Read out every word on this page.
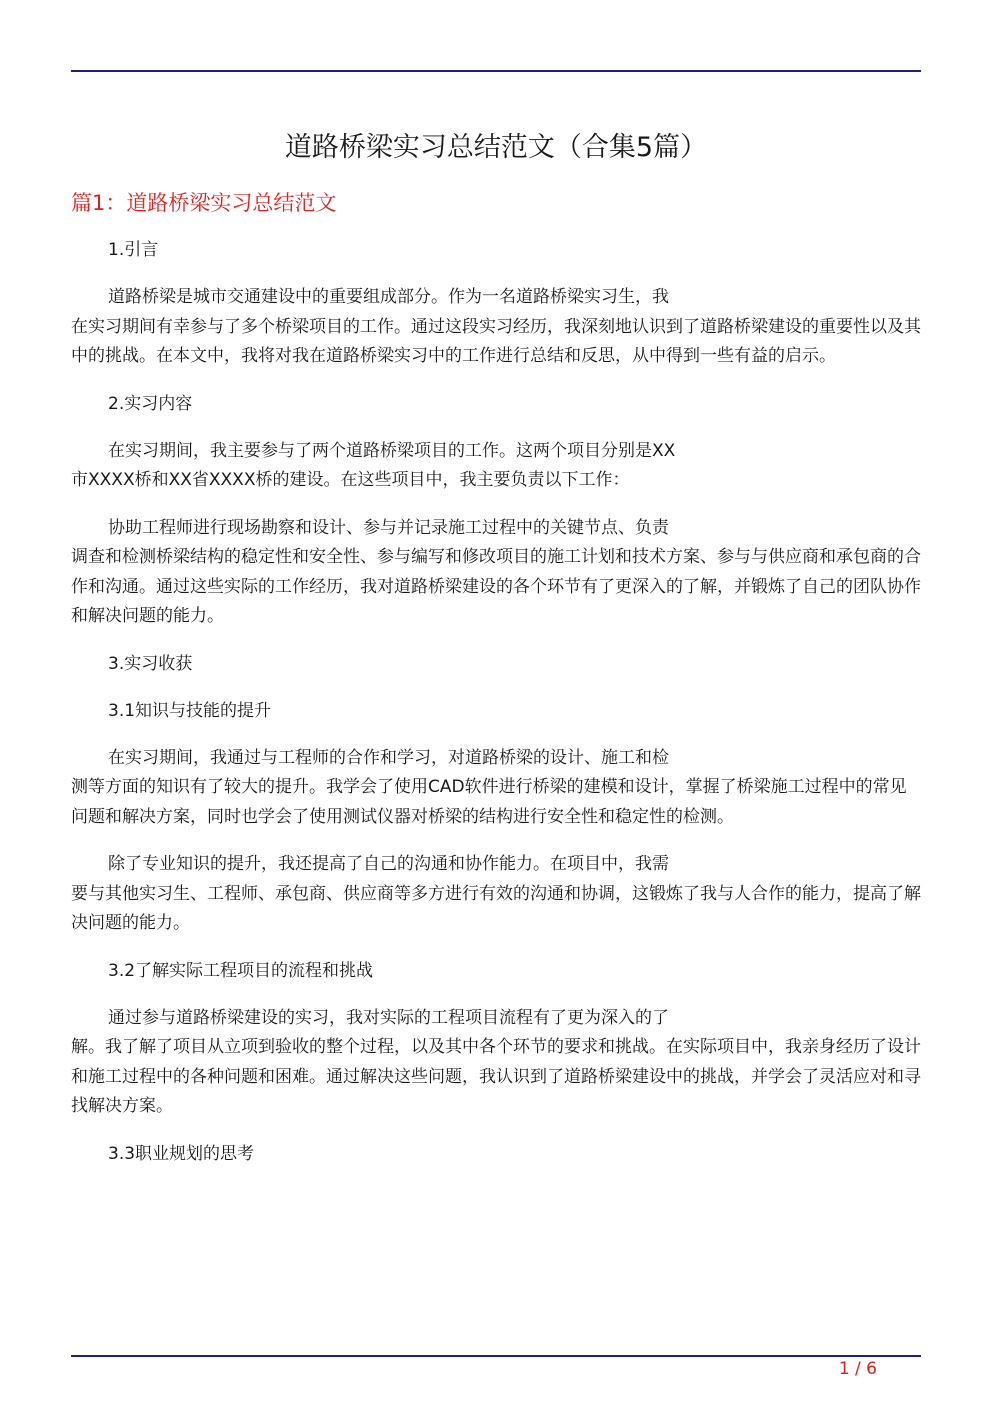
道路桥梁实习总结范文（合集5篇）
篇1：道路桥梁实习总结范文
1.引言
道路桥梁是城市交通建设中的重要组成部分。作为一名道路桥梁实习生，我
在实习期间有幸参与了多个桥梁项目的工作。通过这段实习经历，我深刻地认识到了道路桥梁建设的重要性以及其中的挑战。在本文中，我将对我在道路桥梁实习中的工作进行总结和反思，从中得到一些有益的启示。
2.实习内容
在实习期间，我主要参与了两个道路桥梁项目的工作。这两个项目分别是XX
市XXXX桥和XX省XXXX桥的建设。在这些项目中，我主要负责以下工作：
协助工程师进行现场勘察和设计、参与并记录施工过程中的关键节点、负责
调查和检测桥梁结构的稳定性和安全性、参与编写和修改项目的施工计划和技术方案、参与与供应商和承包商的合作和沟通。通过这些实际的工作经历，我对道路桥梁建设的各个环节有了更深入的了解，并锻炼了自己的团队协作和解决问题的能力。
3.实习收获
3.1知识与技能的提升
在实习期间，我通过与工程师的合作和学习，对道路桥梁的设计、施工和检
测等方面的知识有了较大的提升。我学会了使用CAD软件进行桥梁的建模和设计，掌握了桥梁施工过程中的常见问题和解决方案，同时也学会了使用测试仪器对桥梁的结构进行安全性和稳定性的检测。
除了专业知识的提升，我还提高了自己的沟通和协作能力。在项目中，我需
要与其他实习生、工程师、承包商、供应商等多方进行有效的沟通和协调，这锻炼了我与人合作的能力，提高了解决问题的能力。
3.2了解实际工程项目的流程和挑战
通过参与道路桥梁建设的实习，我对实际的工程项目流程有了更为深入的了
解。我了解了项目从立项到验收的整个过程，以及其中各个环节的要求和挑战。在实际项目中，我亲身经历了设计和施工过程中的各种问题和困难。通过解决这些问题，我认识到了道路桥梁建设中的挑战，并学会了灵活应对和寻找解决方案。
3.3职业规划的思考
1 / 6
